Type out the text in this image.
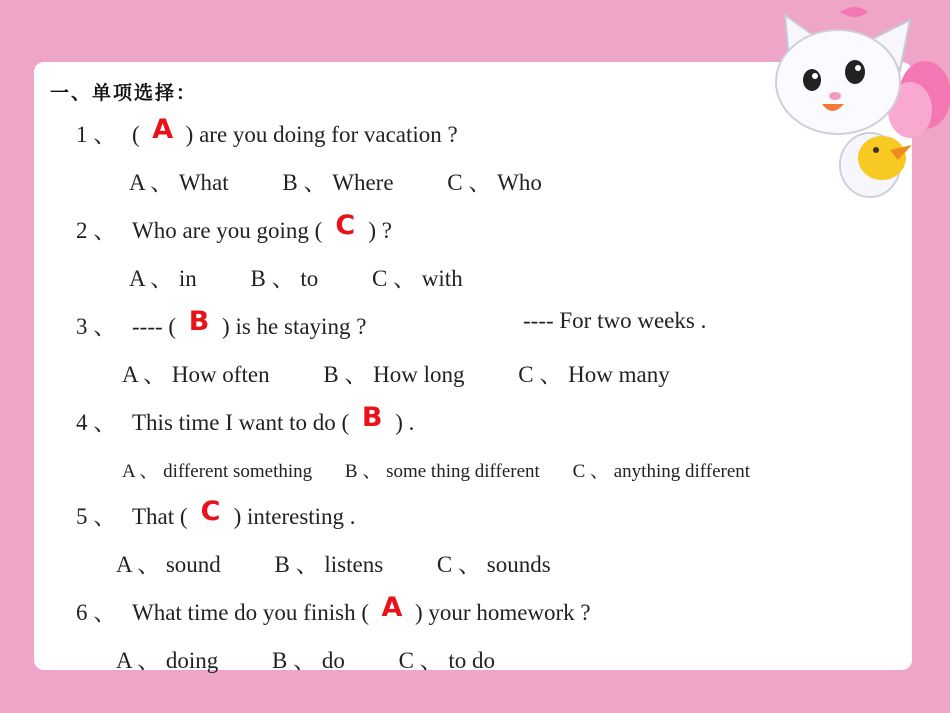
一、单项选择：
1 、 ( A ) are you doing for vacation ?
A 、 What B 、 Where C 、 Who
2 、 Who are you going ( C ) ?
A 、 in B 、 to C 、 with
3 、 ---- ( B ) is he staying ?	---- For two weeks .
A 、 How often B 、 How long C 、 How many
4 、 This time I want to do ( B ) .
A 、 different something B 、 some thing different C 、 anything different
5 、 That ( C ) interesting .
A 、 sound B 、 listens C 、 sounds
6 、 What time do you finish ( A ) your homework ?
A 、 doing B 、 do C 、 to do
